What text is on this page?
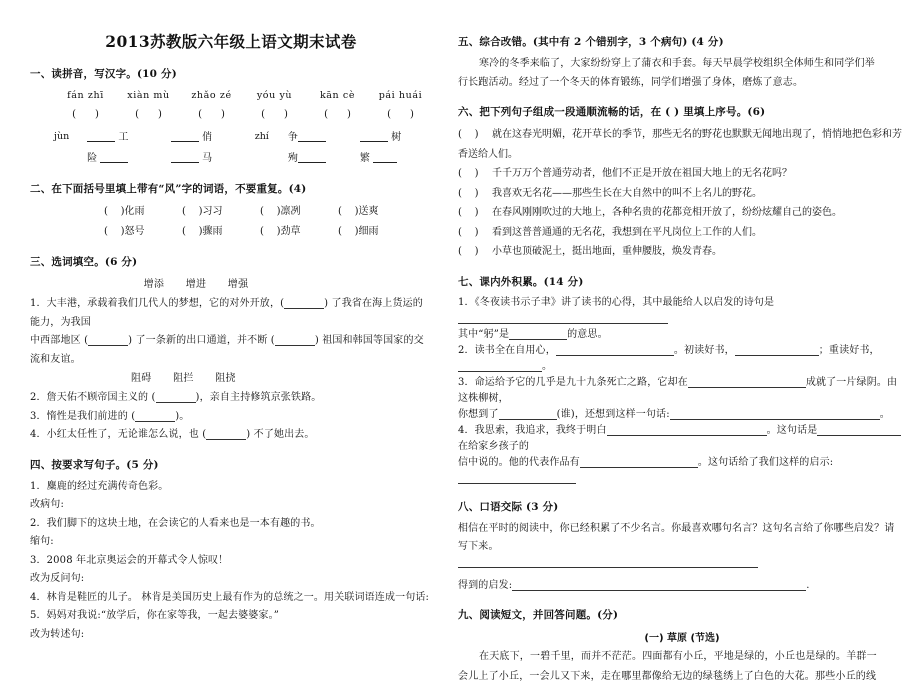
2013苏教版六年级上语文期末试卷
一、读拼音，写汉字。(10 分)
fán zhī	xiàn mù	zhǎo zé	yóu yù	kān cè	pái huái
(      )	(      )	(      )	(      )	(      )	(      )
jùn	工	俏	zhí	争	树
险	马	殉	繁
二、在下面括号里填上带有“风”字的词语，不要重复。(4)
(    )化雨	(    )习习	(    )凛冽	(    )送爽
(    )怒号	(    )骤雨	(    )劲草	(    )细雨
三、选词填空。(6 分)
增添 增进 增强
1．大丰港，承载着我们几代人的梦想，它的对外开放，(	) 了我省在海上货运的能力，为我国
中西部地区 (	) 了一条新的出口通道，并不断 (	) 祖国和韩国等国家的交流和友谊。
阻碍 阻拦 阻挠
2．詹天佑不顾帝国主义的 (	)，亲自主持修筑京张铁路。
3．惰性是我们前进的 (	)。
4．小红太任性了，无论谁怎么说，也 (	) 不了她出去。
四、按要求写句子。(5 分)
1．麋鹿的经过充满传奇色彩。
改病句:
2．我们脚下的这块土地，在会读它的人看来也是一本有趣的书。
缩句:
3．2008 年北京奥运会的开幕式令人惊叹！
改为反问句:
4．林肯是鞋匠的儿子。 林肯是美国历史上最有作为的总统之一。用关联词语连成一句话:
5．妈妈对我说:“放学后，你在家等我，一起去婆婆家。”
改为转述句:
五、综合改错。(其中有 2 个错别字，3 个病句) (4 分)
寒冷的冬季来临了，大家纷纷穿上了蒲衣和手套。每天早晨学校组织全体师生和同学们举
行长跑活动。经过了一个冬天的体育锻练，同学们增强了身体，磨炼了意志。
六、把下列句子组成一段通顺流畅的话，在 ( ) 里填上序号。(6)
(    ) 就在这春光明媚，花开草长的季节，那些无名的野花也默默无闻地出现了，悄悄地把色彩和芳香送给人们。
(    ) 千千万万个普通劳动者，他们不正是开放在祖国大地上的无名花吗？
(    ) 我喜欢无名花——那些生长在大自然中的叫不上名儿的野花。
(    ) 在春风刚刚吹过的大地上，各种名贵的花都竞相开放了，纷纷炫耀自己的姿色。
(    ) 看到这普普通通的无名花，我想到在平凡岗位上工作的人们。
(    ) 小草也顶破泥土，挺出地面，重伸腰肢，焕发青春。
七、课内外积累。(14 分)
1．《冬夜读书示子聿》讲了读书的心得，其中最能给人以启发的诗句是
其中“躬”是	的意思。
2．读书全在自用心，	。初读好书，	；重读好书，。
3．命运给予它的几乎是九十九条死亡之路，它却在	成就了一片绿阴。由这株柳树，
你想到了	(谁)，还想到这样一句话:	。
4．我思索，我追求，我终于明白	。这句话是在给家乡孩子的
信中说的。他的代表作品有	。这句话给了我们这样的启示:
八、口语交际 (3 分)
相信在平时的阅读中，你已经积累了不少名言。你最喜欢哪句名言？这句名言给了你哪些启发？请
写下来。
得到的启发:	.
九、阅读短文，并回答问题。(分)
(一) 草原 (节选)

在天底下，一碧千里，而并不茫茫。四面都有小丘，平地是绿的，小丘也是绿的。羊群一

会儿上了小丘，一会儿又下来，走在哪里都像给无边的绿毯绣上了白色的大花。那些小丘的线
